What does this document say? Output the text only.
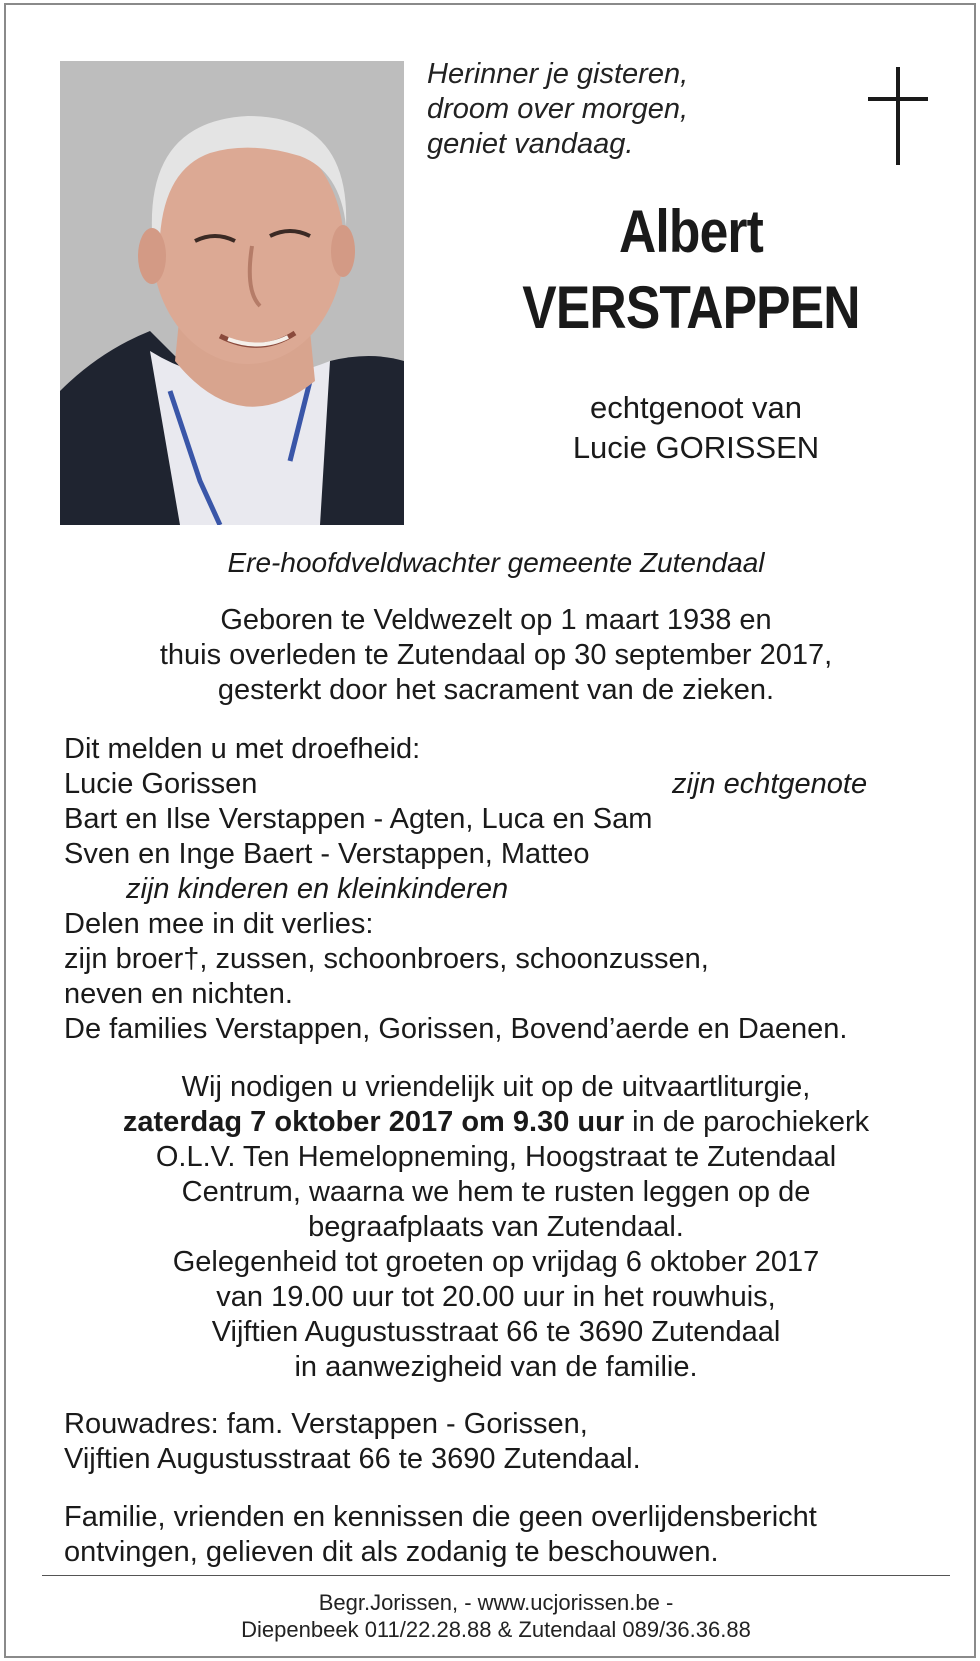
Herinner je gisteren,
droom over morgen,
geniet vandaag.
Albert
VERSTAPPEN
echtgenoot van
Lucie GORISSEN
Ere-hoofdveldwachter gemeente Zutendaal
Geboren te Veldwezelt op 1 maart 1938 en
thuis overleden te Zutendaal op 30 september 2017,
gesterkt door het sacrament van de zieken.
Dit melden u met droefheid:
Lucie Gorissen	zijn echtgenote
Bart en Ilse Verstappen - Agten, Luca en Sam
Sven en Inge Baert - Verstappen, Matteo
zijn kinderen en kleinkinderen
Delen mee in dit verlies:
zijn broer†, zussen, schoonbroers, schoonzussen,
neven en nichten.
De families Verstappen, Gorissen, Bovend’aerde en Daenen.
Wij nodigen u vriendelijk uit op de uitvaartliturgie,
zaterdag 7 oktober 2017 om 9.30 uur in de parochiekerk
O.L.V. Ten Hemelopneming, Hoogstraat te Zutendaal
Centrum, waarna we hem te rusten leggen op de
begraafplaats van Zutendaal.
Gelegenheid tot groeten op vrijdag 6 oktober 2017
van 19.00 uur tot 20.00 uur in het rouwhuis,
Vijftien Augustusstraat 66 te 3690 Zutendaal
in aanwezigheid van de familie.
Rouwadres: fam. Verstappen - Gorissen,
Vijftien Augustusstraat 66 te 3690 Zutendaal.
Familie, vrienden en kennissen die geen overlijdensbericht
ontvingen, gelieven dit als zodanig te beschouwen.
Begr.Jorissen, - www.ucjorissen.be -
Diepenbeek 011/22.28.88 & Zutendaal 089/36.36.88
